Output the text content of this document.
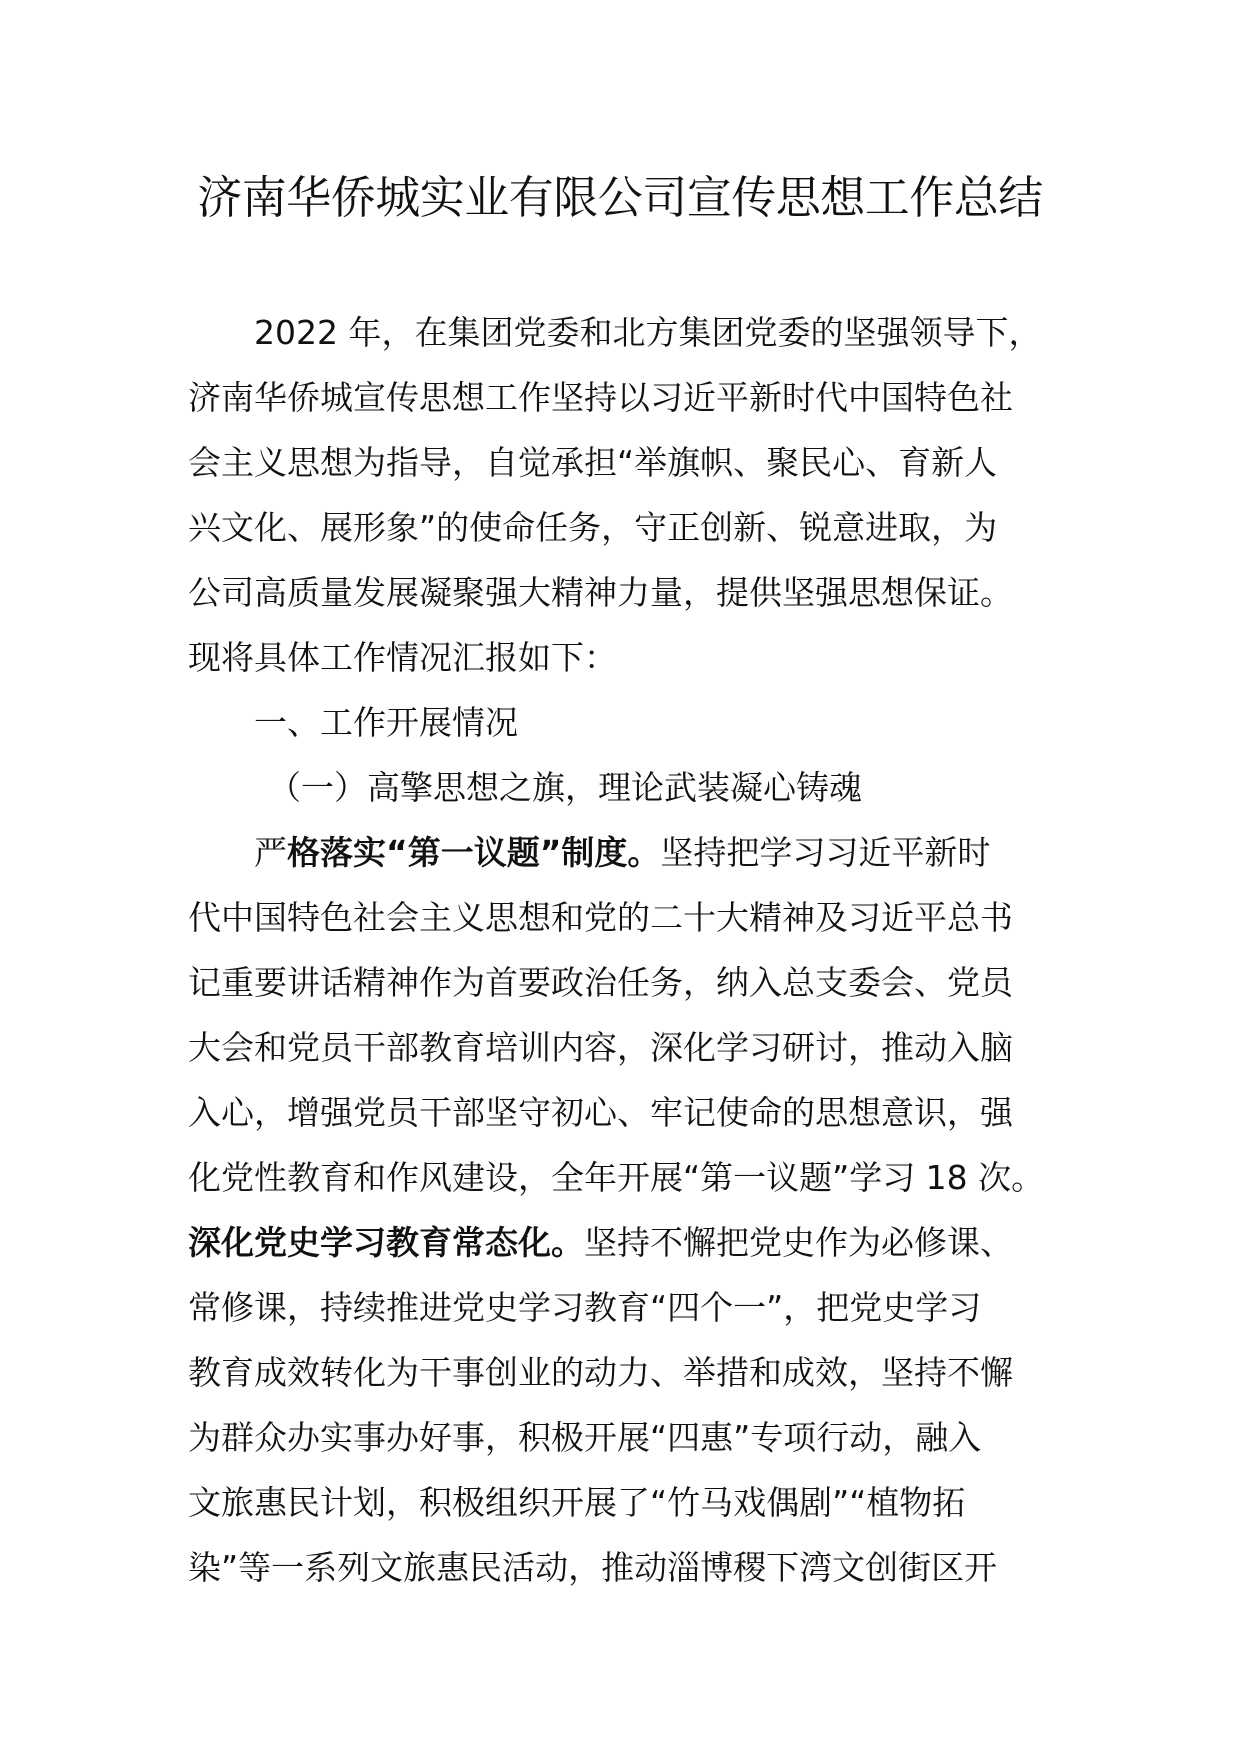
济南华侨城实业有限公司宣传思想工作总结
2022 年，在集团党委和北方集团党委的坚强领导下，
济南华侨城宣传思想工作坚持以习近平新时代中国特色社
会主义思想为指导，自觉承担“举旗帜、聚民心、育新人
兴文化、展形象”的使命任务，守正创新、锐意进取，为
公司高质量发展凝聚强大精神力量，提供坚强思想保证。
现将具体工作情况汇报如下：
一、工作开展情况
（一）高擎思想之旗，理论武装凝心铸魂
严格落实“第一议题”制度。坚持把学习习近平新时
代中国特色社会主义思想和党的二十大精神及习近平总书
记重要讲话精神作为首要政治任务，纳入总支委会、党员
大会和党员干部教育培训内容，深化学习研讨，推动入脑
入心，增强党员干部坚守初心、牢记使命的思想意识，强
化党性教育和作风建设，全年开展“第一议题”学习 18 次。
深化党史学习教育常态化。坚持不懈把党史作为必修课、
常修课，持续推进党史学习教育“四个一”，把党史学习
教育成效转化为干事创业的动力、举措和成效，坚持不懈
为群众办实事办好事，积极开展“四惠”专项行动，融入
文旅惠民计划，积极组织开展了“竹马戏偶剧”“植物拓
染”等一系列文旅惠民活动，推动淄博稷下湾文创街区开
